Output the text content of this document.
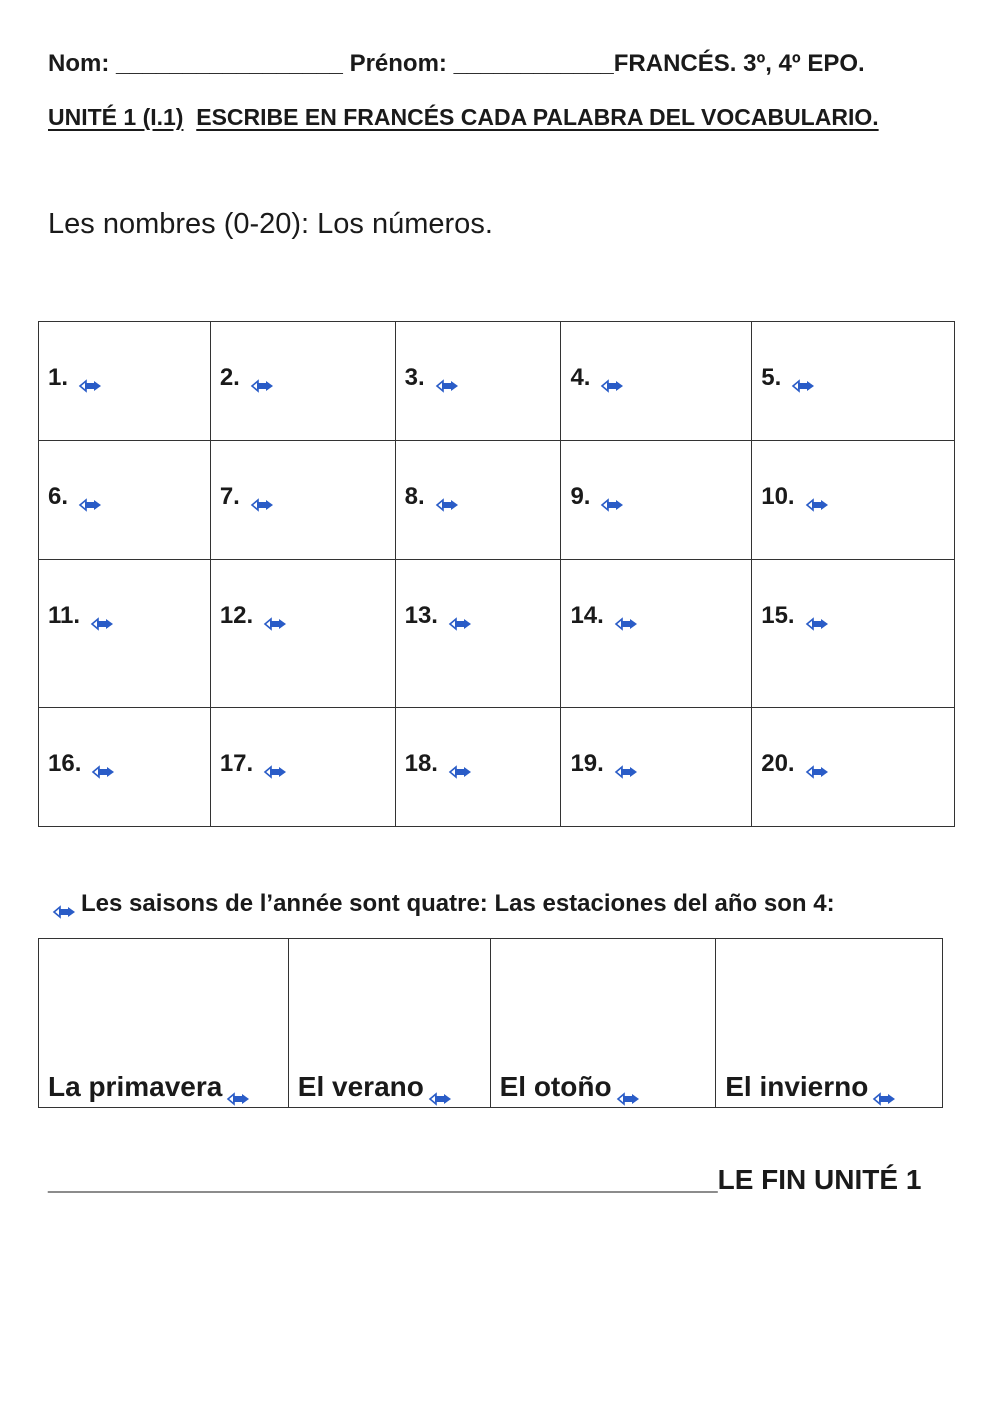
Nom: _________________ Prénom: ____________FRANCÉS. 3º, 4º EPO.
UNITÉ 1 (I.1) ESCRIBE EN FRANCÉS CADA PALABRA DEL VOCABULARIO.
Les nombres (0-20): Los números.
1.	2.	3.	4.	5.

6.	7.	8.	9.	10.

11.	12.	13.	14.	15.

16.	17.	18.	19.	20.
Les saisons de l’année sont quatre: Las estaciones del año son 4:
La primavera	El verano	El otoño	El invierno
___________________________________________LE FIN UNITÉ 1
